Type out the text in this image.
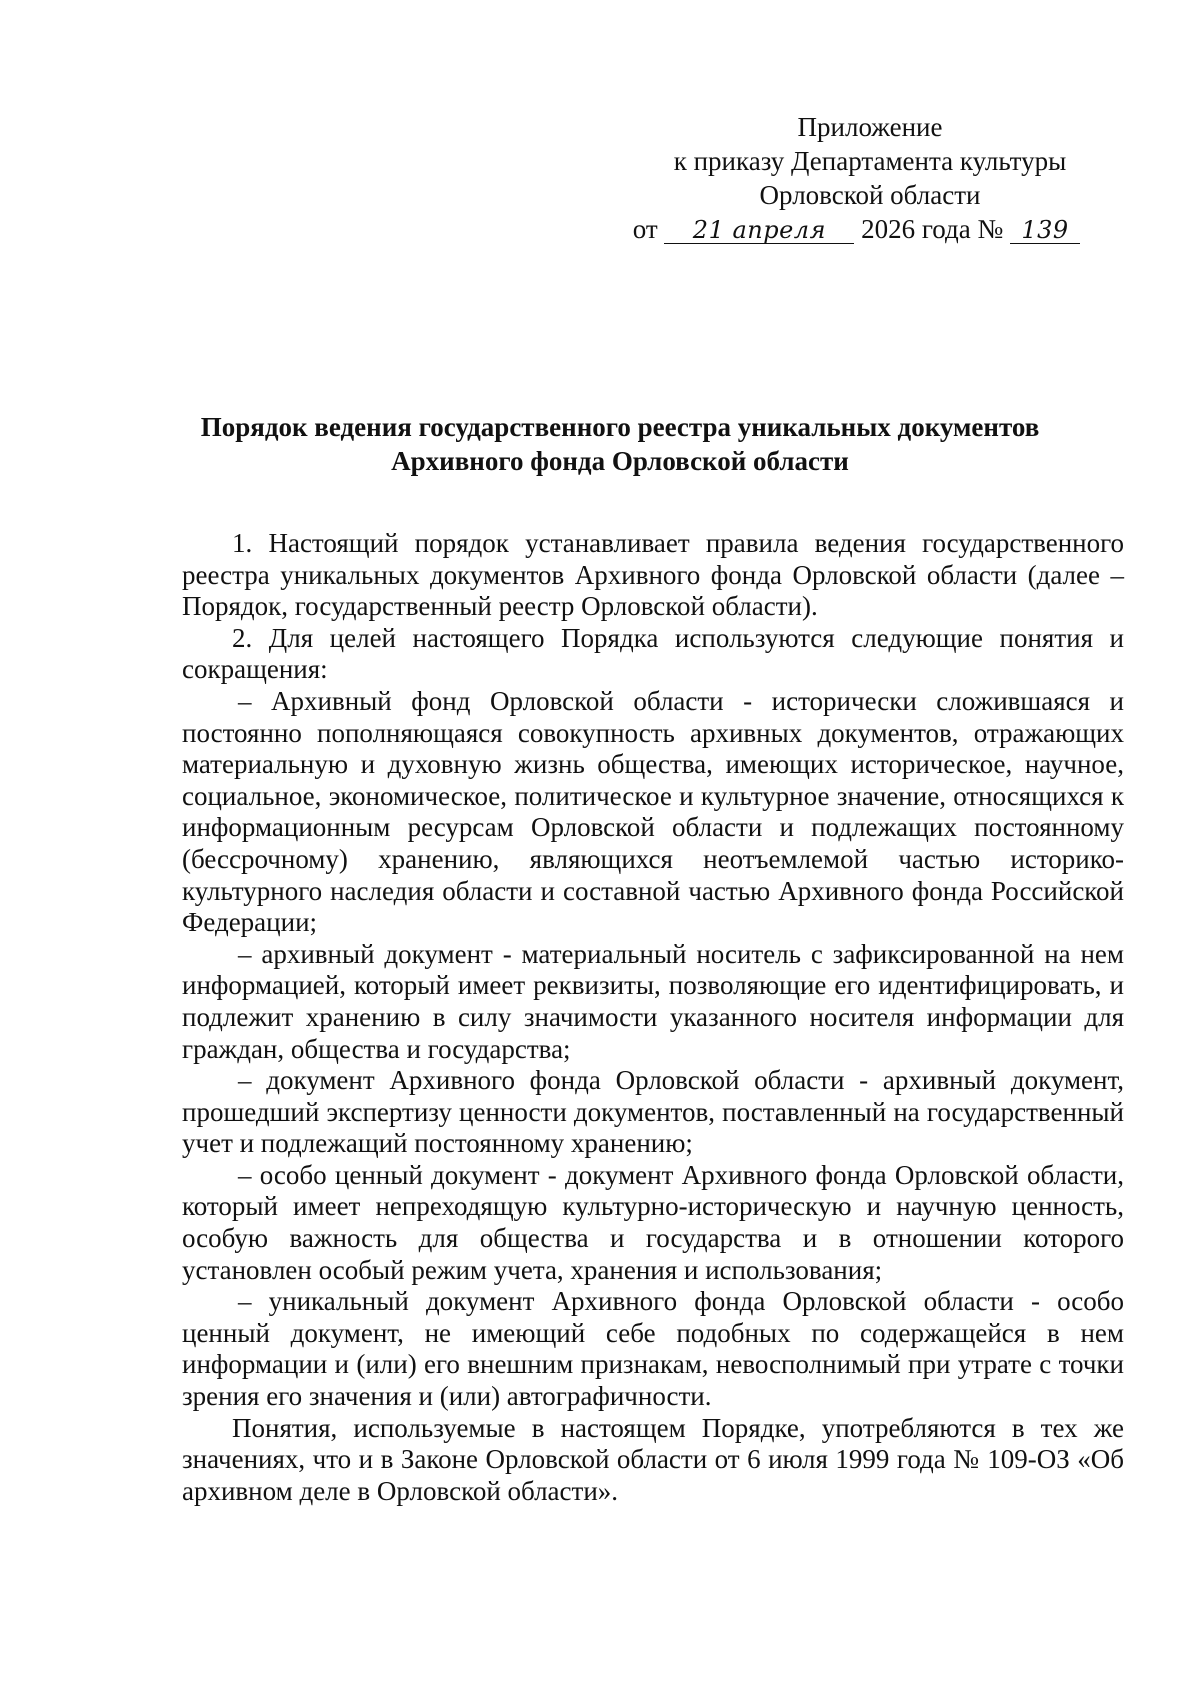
Приложение
к приказу Департамента культуры
Орловской области
от 21 апреля 2026 года № 139
Порядок ведения государственного реестра уникальных документов
Архивного фонда Орловской области

1. Настоящий порядок устанавливает правила ведения государственного реестра уникальных документов Архивного фонда Орловской области (далее – Порядок, государственный реестр Орловской области).

2. Для целей настоящего Порядка используются следующие понятия и сокращения:

– Архивный фонд Орловской области - исторически сложившаяся и постоянно пополняющаяся совокупность архивных документов, отражающих материальную и духовную жизнь общества, имеющих историческое, научное, социальное, экономическое, политическое и культурное значение, относящихся к информационным ресурсам Орловской области и подлежащих постоянному (бессрочному) хранению, являющихся неотъемлемой частью историко-культурного наследия области и составной частью Архивного фонда Российской Федерации;

– архивный документ - материальный носитель с зафиксированной на нем информацией, который имеет реквизиты, позволяющие его идентифицировать, и подлежит хранению в силу значимости указанного носителя информации для граждан, общества и государства;

– документ Архивного фонда Орловской области - архивный документ, прошедший экспертизу ценности документов, поставленный на государственный учет и подлежащий постоянному хранению;

– особо ценный документ - документ Архивного фонда Орловской области, который имеет непреходящую культурно-историческую и научную ценность, особую важность для общества и государства и в отношении которого установлен особый режим учета, хранения и использования;

– уникальный документ Архивного фонда Орловской области - особо ценный документ, не имеющий себе подобных по содержащейся в нем информации и (или) его внешним признакам, невосполнимый при утрате с точки зрения его значения и (или) автографичности.

Понятия, используемые в настоящем Порядке, употребляются в тех же значениях, что и в Законе Орловской области от 6 июля 1999 года № 109-ОЗ «Об архивном деле в Орловской области».
